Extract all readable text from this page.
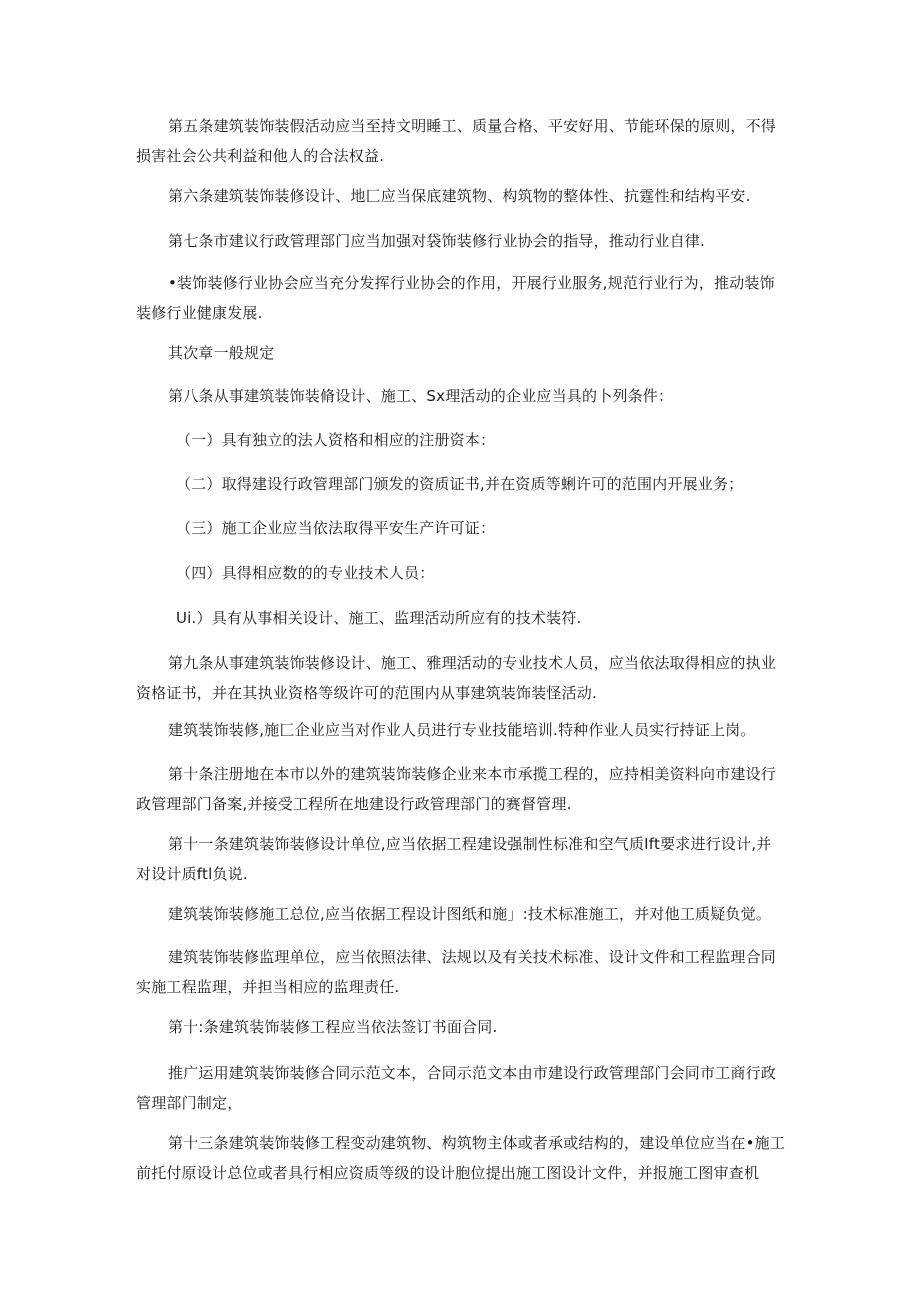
第五条建筑装饰装假活动应当至持文明睡工、质量合格、平安好用、节能环保的原则，不得损害社会公共利益和他人的合法权益.

第六条建筑装饰装修设计、地匚应当保底建筑物、构筑物的整体性、抗霆性和结构平安.

第七条市建议行政管理部门应当加强对袋饰装修行业协会的指导，推动行业自律.

•装饰装修行业协会应当充分发挥行业协会的作用，开展行业服务,规范行业行为，推动装饰装修行业健康发展.

其次章一般规定

第八条从事建筑装饰装脩设计、施工、Sx理活动的企业应当具的卜列条件：

（一）具有独立的法人资格和相应的注册资本：

（二）取得建设行政管理部门颁发的资质证书,并在资质等蜊许可的范围内开展业务；

（三）施工企业应当依法取得平安生产许可证：

（四）具得相应数的的专业技术人员：

Ui.）具有从事相关设计、施工、监理活动所应有的技术装符.

第九条从事建筑装饰装修设计、施工、雅理活动的专业技术人员，应当依法取得相应的执业资格证书，并在其执业资格等级许可的范围内从事建筑装饰装怪活动.

建筑装饰装修,施匚企业应当对作业人员进行专业技能培训.特种作业人员实行持证上岗。

第十条注册地在本市以外的建筑装饰装修企业来本市承揽工程的，应持相美资料向市建设行政管理部门备案,并接受工程所在地建设行政管理部门的赛督管理.

第十一条建筑装饰装修设计单位,应当依据工程建设强制性标准和空气质Ift要求进行设计,并对设计质ftl负说.

建筑装饰装修施工总位,应当依据工程设计图纸和施」:技术标准施工，并对他工质疑负觉。

建筑装饰装修监理单位，应当依照法律、法规以及有关技术标准、设计文件和工程监理合同实施工程监理，并担当相应的监理责任.

第十:条建筑装饰装修工程应当依法签订书面合同.

推广运用建筑装饰装修合同示范文本，合同示范文本由市建设行政管理部门会同市工商行政管理部门制定，

第十三条建筑装饰装修工程变动建筑物、构筑物主体或者承或结构的，建设单位应当在•施工前托付原设计总位或者具行相应资质等级的设计胞位提出施工图设计文件，并报施工图审查机
